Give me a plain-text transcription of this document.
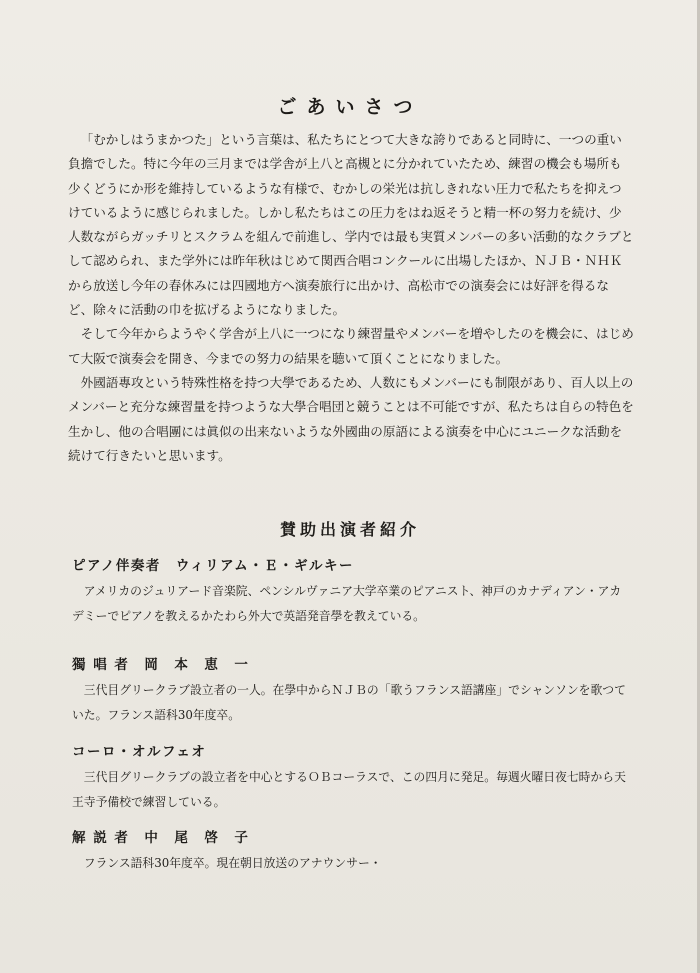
ごあいさつ

「むかしはうまかつた」という言葉は、私たちにとつて大きな誇りであると同時に、一つの重い負擔でした。特に今年の三月までは学舎が上八と高槻とに分かれていたため、練習の機会も場所も少くどうにか形を維持しているような有様で、むかしの栄光は抗しきれない圧力で私たちを抑えつけているように感じられました。しかし私たちはこの圧力をはね返そうと精一杯の努力を続け、少人数ながらガッチリとスクラムを組んで前進し、学内では最も実質メンバーの多い活動的なクラブとして認められ、また学外には昨年秋はじめて関西合唱コンクールに出場したほか、ＮＪＢ・ＮＨＫから放送し今年の春休みには四國地方へ演奏旅行に出かけ、高松市での演奏会には好評を得るなど、除々に活動の巾を拡げるようになりました。

そして今年からようやく学舎が上八に一つになり練習量やメンバーを増やしたのを機会に、はじめて大阪で演奏会を開き、今までの努力の結果を聴いて頂くことになりました。

外國語專攻という特殊性格を持つ大學であるため、人数にもメンバーにも制限があり、百人以上のメンバーと充分な練習量を持つような大學合唱団と競うことは不可能ですが、私たちは自らの特色を生かし、他の合唱團には眞似の出来ないような外國曲の原語による演奏を中心にユニークな活動を続けて行きたいと思います。

賛助出演者紹介
ピアノ伴奏者　ウィリアム・Ｅ・ギルキー

アメリカのジュリアード音楽院、ペンシルヴァニア大学卒業のピアニスト、神戸のカナディアン・アカデミーでピアノを教えるかたわら外大で英語発音學を教えている。

獨 唱 者　岡　本　恵　一

三代目グリークラブ設立者の一人。在學中からＮＪＢの「歌うフランス語講座」でシャンソンを歌つていた。フランス語科30年度卒。

コーロ・オルフェオ

三代目グリークラブの設立者を中心とするＯＢコーラスで、この四月に発足。毎週火曜日夜七時から天王寺予備校で練習している。

解 説 者　中　尾　啓　子

フランス語科30年度卒。現在朝日放送のアナウンサー・
